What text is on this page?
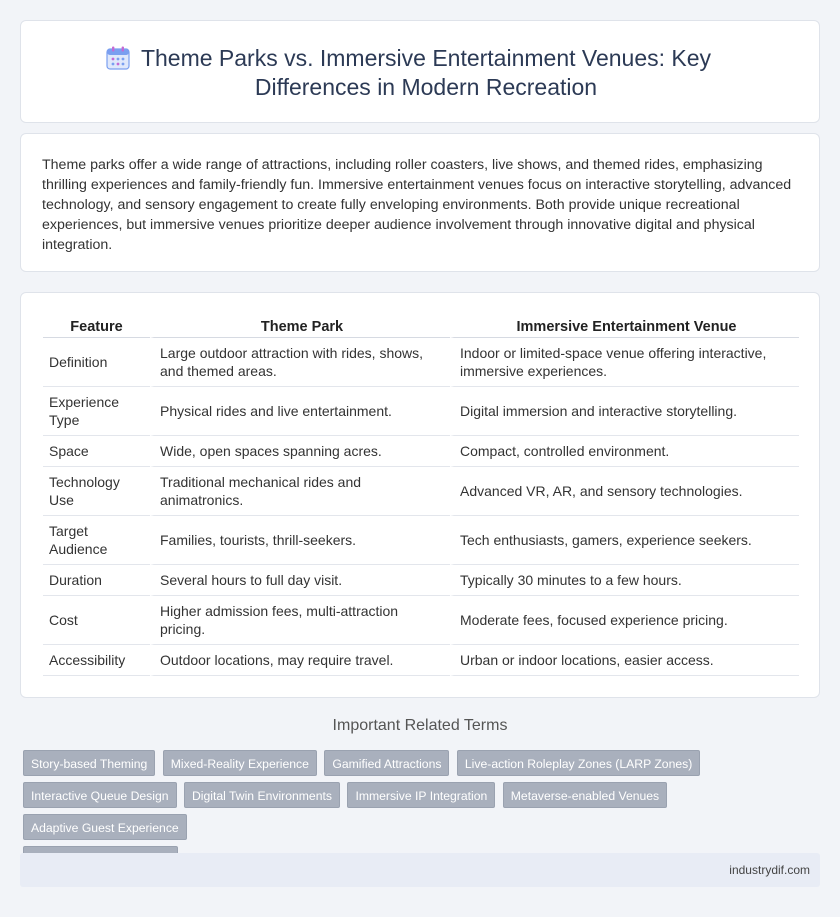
Theme Parks vs. Immersive Entertainment Venues: Key Differences in Modern Recreation

Theme parks offer a wide range of attractions, including roller coasters, live shows, and themed rides, emphasizing thrilling experiences and family-friendly fun. Immersive entertainment venues focus on interactive storytelling, advanced technology, and sensory engagement to create fully enveloping environments. Both provide unique recreational experiences, but immersive venues prioritize deeper audience involvement through innovative digital and physical integration.

Feature	Theme Park	Immersive Entertainment Venue
Definition	Large outdoor attraction with rides, shows, and themed areas.	Indoor or limited-space venue offering interactive, immersive experiences.
Experience Type	Physical rides and live entertainment.	Digital immersion and interactive storytelling.
Space	Wide, open spaces spanning acres.	Compact, controlled environment.
Technology Use	Traditional mechanical rides and animatronics.	Advanced VR, AR, and sensory technologies.
Target Audience	Families, tourists, thrill-seekers.	Tech enthusiasts, gamers, experience seekers.
Duration	Several hours to full day visit.	Typically 30 minutes to a few hours.
Cost	Higher admission fees, multi-attraction pricing.	Moderate fees, focused experience pricing.
Accessibility	Outdoor locations, may require travel.	Urban or indoor locations, easier access.
Important Related Terms
Story-based Theming Mixed-Reality Experience Gamified Attractions Live-action Roleplay Zones (LARP Zones)
Interactive Queue Design Digital Twin Environments Immersive IP Integration Metaverse-enabled Venues Adaptive Guest Experience

industrydif.com
